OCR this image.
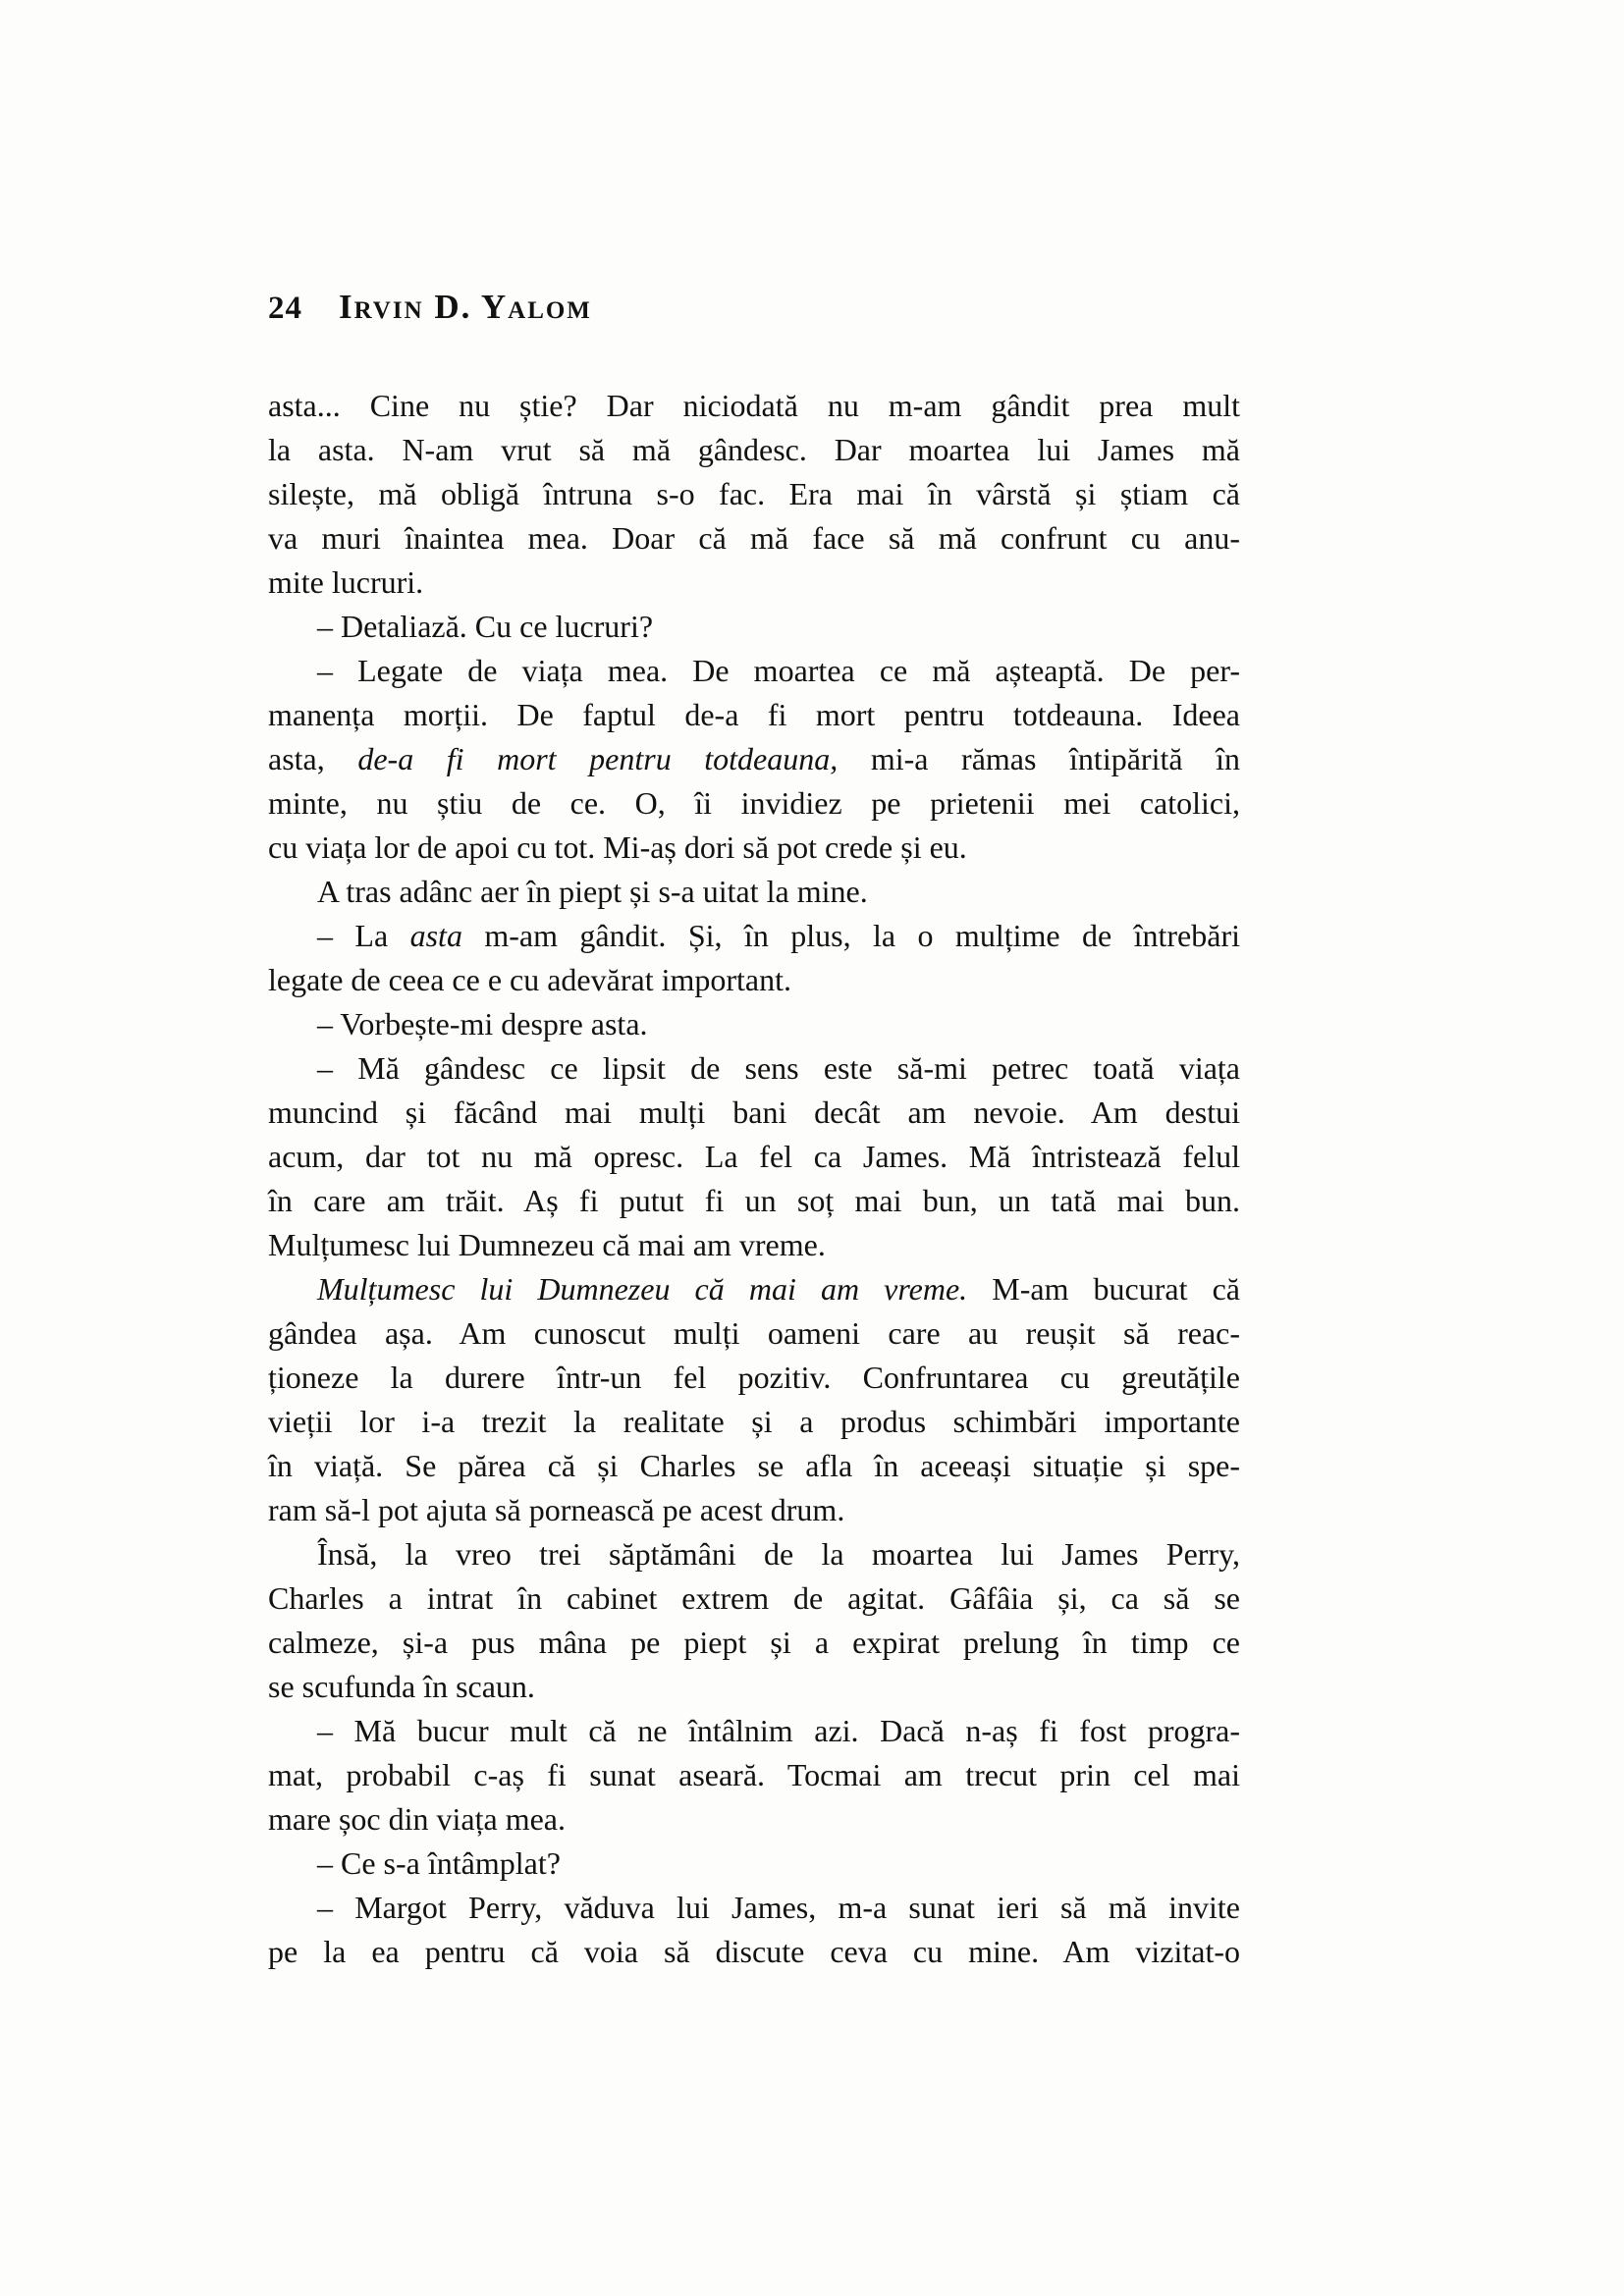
24 Irvin D. Yalom
asta... Cine nu știe? Dar niciodată nu m-am gândit prea mult
la asta. N-am vrut să mă gândesc. Dar moartea lui James mă
silește, mă obligă întruna s-o fac. Era mai în vârstă și știam că
va muri înaintea mea. Doar că mă face să mă confrunt cu anu-
mite lucruri.
– Detaliază. Cu ce lucruri?
– Legate de viața mea. De moartea ce mă așteaptă. De per-
manența morții. De faptul de-a fi mort pentru totdeauna. Ideea
asta, de-a fi mort pentru totdeauna, mi-a rămas întipărită în
minte, nu știu de ce. O, îi invidiez pe prietenii mei catolici,
cu viața lor de apoi cu tot. Mi-aș dori să pot crede și eu.
A tras adânc aer în piept și s-a uitat la mine.
– La asta m-am gândit. Și, în plus, la o mulțime de întrebări
legate de ceea ce e cu adevărat important.
– Vorbește-mi despre asta.
– Mă gândesc ce lipsit de sens este să-mi petrec toată viața
muncind și făcând mai mulți bani decât am nevoie. Am destui
acum, dar tot nu mă opresc. La fel ca James. Mă întristează felul
în care am trăit. Aș fi putut fi un soț mai bun, un tată mai bun.
Mulțumesc lui Dumnezeu că mai am vreme.
Mulțumesc lui Dumnezeu că mai am vreme. M-am bucurat că
gândea așa. Am cunoscut mulți oameni care au reușit să reac-
ționeze la durere într-un fel pozitiv. Confruntarea cu greutățile
vieții lor i-a trezit la realitate și a produs schimbări importante
în viață. Se părea că și Charles se afla în aceeași situație și spe-
ram să-l pot ajuta să pornească pe acest drum.
Însă, la vreo trei săptămâni de la moartea lui James Perry,
Charles a intrat în cabinet extrem de agitat. Gâfâia și, ca să se
calmeze, și-a pus mâna pe piept și a expirat prelung în timp ce
se scufunda în scaun.
– Mă bucur mult că ne întâlnim azi. Dacă n-aș fi fost progra-
mat, probabil c-aș fi sunat aseară. Tocmai am trecut prin cel mai
mare șoc din viața mea.
– Ce s-a întâmplat?
– Margot Perry, văduva lui James, m-a sunat ieri să mă invite
pe la ea pentru că voia să discute ceva cu mine. Am vizitat-o
